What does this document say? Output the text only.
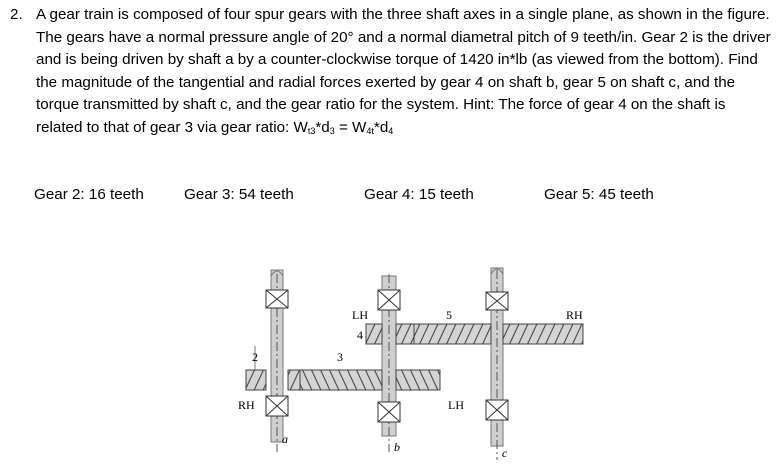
2. A gear train is composed of four spur gears with the three shaft axes in a single plane, as shown in the figure. The gears have a normal pressure angle of 20° and a normal diametral pitch of 9 teeth/in. Gear 2 is the driver and is being driven by shaft a by a counter-clockwise torque of 1420 in*lb (as viewed from the bottom). Find the magnitude of the tangential and radial forces exerted by gear 4 on shaft b, gear 5 on shaft c, and the torque transmitted by shaft c, and the gear ratio for the system. Hint: The force of gear 4 on the shaft is related to that of gear 3 via gear ratio: $W_{t3}*d_3 = W_{4t}*d_4$
Gear 2: 16 teeth	Gear 3: 54 teeth	Gear 4: 15 teeth	Gear 5: 45 teeth
2	3
4
5
LH	RH
RH	LH
a
b	c
